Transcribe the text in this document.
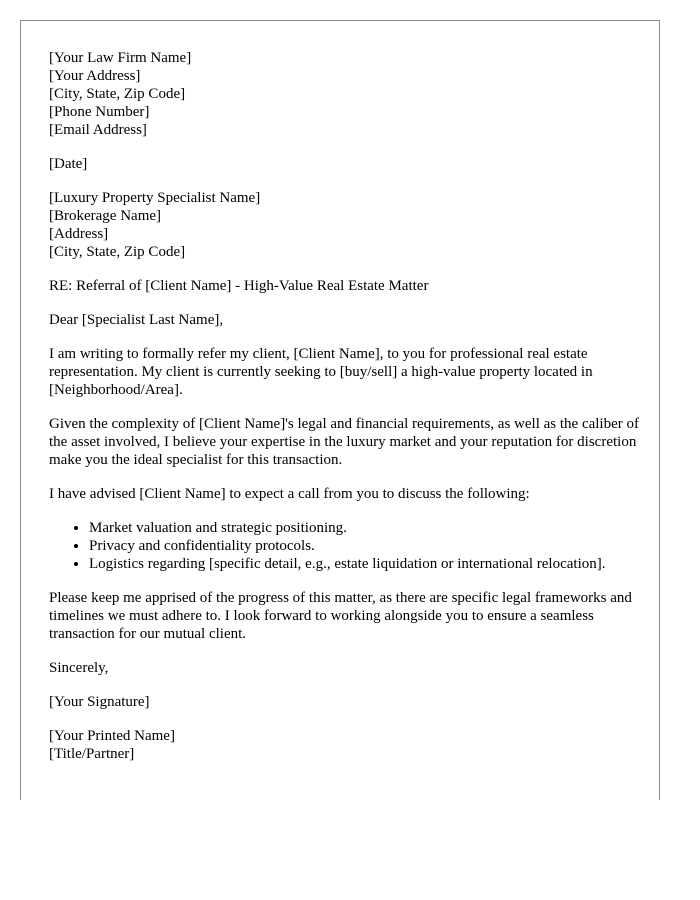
[Your Law Firm Name]
[Your Address]
[City, State, Zip Code]
[Phone Number]
[Email Address]
[Date]
[Luxury Property Specialist Name]
[Brokerage Name]
[Address]
[City, State, Zip Code]

RE: Referral of [Client Name] - High-Value Real Estate Matter

Dear [Specialist Last Name],

I am writing to formally refer my client, [Client Name], to you for professional real estate representation. My client is currently seeking to [buy/sell] a high-value property located in [Neighborhood/Area].

Given the complexity of [Client Name]'s legal and financial requirements, as well as the caliber of the asset involved, I believe your expertise in the luxury market and your reputation for discretion make you the ideal specialist for this transaction.

I have advised [Client Name] to expect a call from you to discuss the following:

• Market valuation and strategic positioning.
• Privacy and confidentiality protocols.
• Logistics regarding [specific detail, e.g., estate liquidation or international relocation].

Please keep me apprised of the progress of this matter, as there are specific legal frameworks and timelines we must adhere to. I look forward to working alongside you to ensure a seamless transaction for our mutual client.

Sincerely,

[Your Signature]

[Your Printed Name]
[Title/Partner]
